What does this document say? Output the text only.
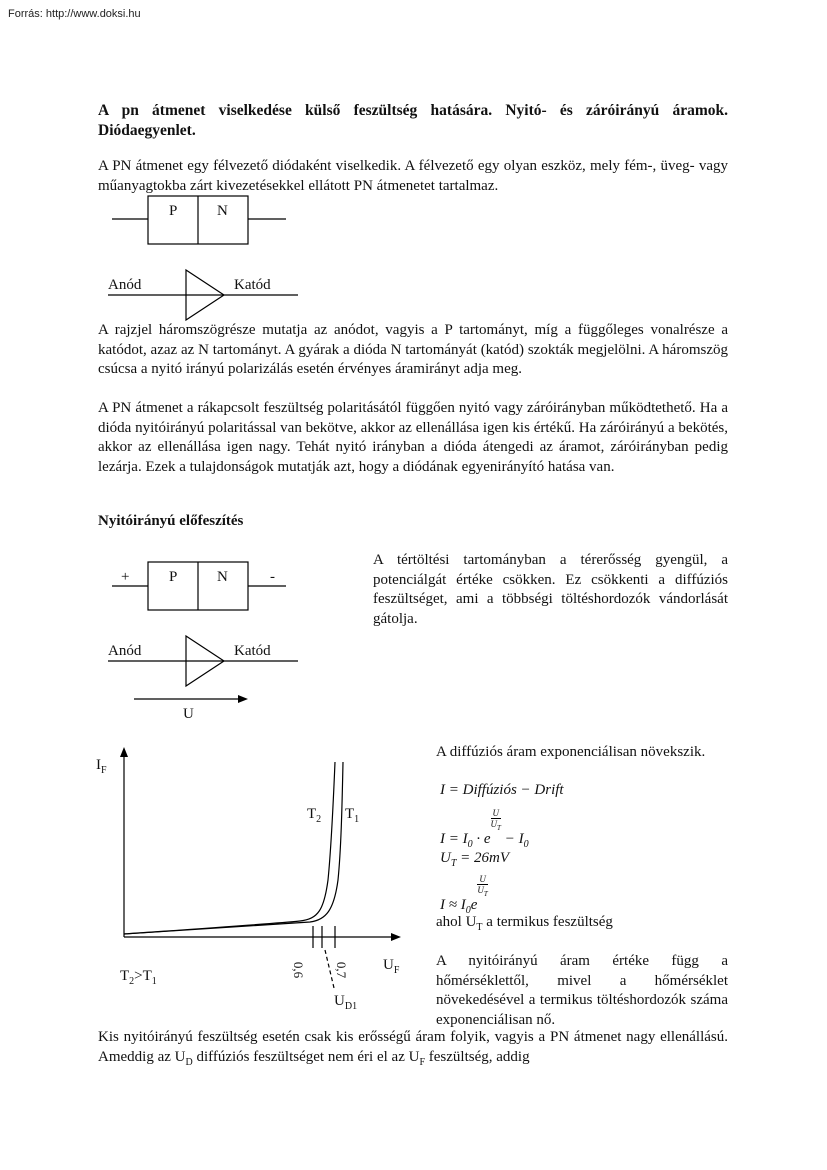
Forrás: http://www.doksi.hu
A pn átmenet viselkedése külső feszültség hatására. Nyitó- és záróirányú áramok. Diódaegyenlet.
A PN átmenet egy félvezető diódaként viselkedik. A félvezető egy olyan eszköz, mely fém-, üveg- vagy műanyagtokba zárt kivezetésekkel ellátott PN átmenetet tartalmaz.
P	N
Anód	Katód
A rajzjel háromszögrésze mutatja az anódot, vagyis a P tartományt, míg a függőleges vonalrésze a katódot, azaz az N tartományt. A gyárak a dióda N tartományát (katód) szokták megjelölni. A háromszög csúcsa a nyitó irányú polarizálás esetén érvényes áramirányt adja meg.
A PN átmenet a rákapcsolt feszültség polaritásától függően nyitó vagy záróirányban működtethető. Ha a dióda nyitóirányú polaritással van bekötve, akkor az ellenállása igen kis értékű. Ha záróirányú a bekötés, akkor az ellenállása igen nagy. Tehát nyitó irányban a dióda átengedi az áramot, záróirányban pedig lezárja. Ezek a tulajdonságok mutatják azt, hogy a diódának egyenirányító hatása van.
Nyitóirányú előfeszítés
+	P	N	-
Anód	Katód
U
A tértöltési tartományban a térerősség gyengül, a potenciálgát értéke csökken. Ez csökkenti a diffúziós feszültséget, ami a többségi töltéshordozók vándorlását gátolja.
$I_F$
$T_2$ $T_1$
0,6 0,7 $U_F$
$U_{D1}$
$T_2>T_1$
A diffúziós áram exponenciálisan növekszik.
I = Diffúziós − Drift
$I = I_0 \cdot e$
$\frac{U}{U_T}$
− $I_0$
$U_T = 26mV$
$I \approx I_0e$
$\frac{U}{U_T}$
ahol $U_T$ a termikus feszültség
A nyitóirányú áram értéke függ a hőmérséklettől, mivel a hőmérséklet növekedésével a termikus töltéshordozók száma exponenciálisan nő.
Kis nyitóirányú feszültség esetén csak kis erősségű áram folyik, vagyis a PN átmenet nagy ellenállású. Ameddig az $U_D$ diffúziós feszültséget nem éri el az $U_F$ feszültség, addig
